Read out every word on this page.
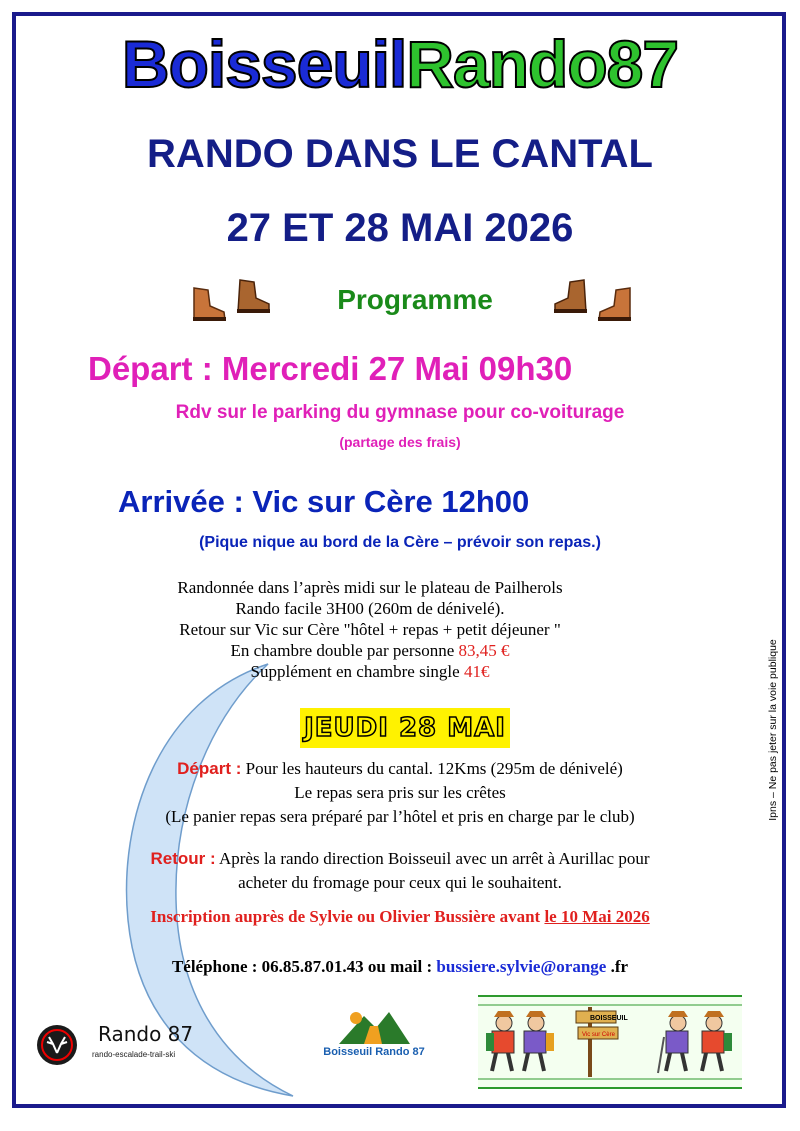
BoisseuilRando87
RANDO DANS LE CANTAL
27 ET 28 MAI 2026
Programme
Départ : Mercredi 27 Mai 09h30
Rdv sur le parking du gymnase pour co-voiturage
(partage des frais)
Arrivée : Vic sur Cère 12h00
(Pique nique au bord de la Cère – prévoir son repas.)
Randonnée dans l’après midi sur le plateau de Pailherols
Rando facile 3H00 (260m de dénivelé).
Retour sur Vic sur Cère "hôtel + repas + petit déjeuner "
En chambre double par personne 83,45 €
Supplément en chambre single 41€
JEUDI 28 MAI
Départ : Pour les hauteurs du cantal. 12Kms (295m de dénivelé)
Le repas sera pris sur les crêtes
(Le panier repas sera préparé par l’hôtel et pris en charge par le club)
Retour : Après la rando direction Boisseuil avec un arrêt à Aurillac pour
acheter du fromage pour ceux qui le souhaitent.
Inscription auprès de Sylvie ou Olivier Bussière avant le 10 Mai 2026
Téléphone : 06.85.87.01.43 ou mail : bussiere.sylvie@orange .fr
Rando 87
rando-escalade-trail-ski	Boisseuil Rando 87
BOISSEUIL
Vic sur Cère
Ipns – Ne pas jeter sur la voie publique
